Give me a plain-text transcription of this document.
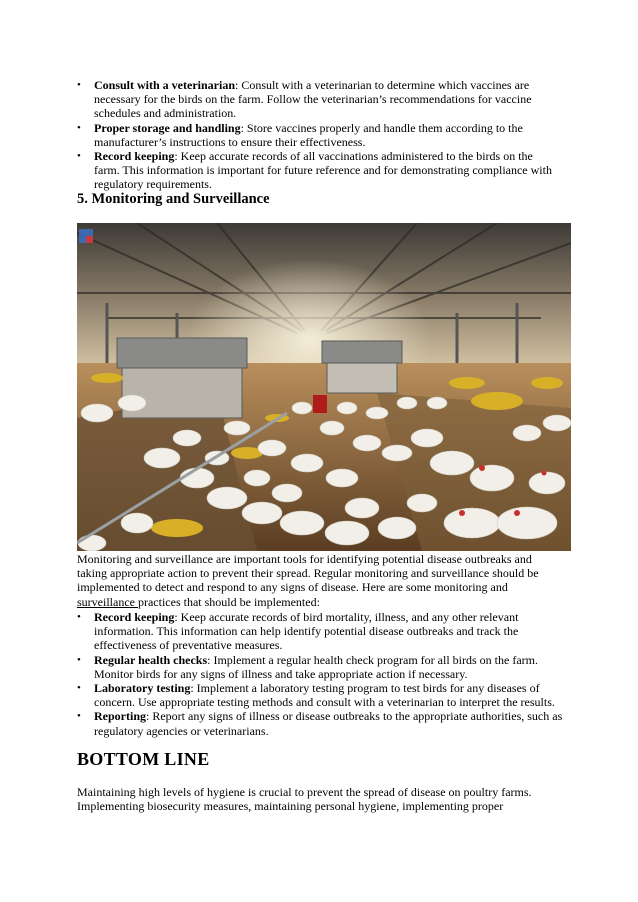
• Consult with a veterinarian: Consult with a veterinarian to determine which vaccines are necessary for the birds on the farm. Follow the veterinarian’s recommendations for vaccine schedules and administration.
• Proper storage and handling: Store vaccines properly and handle them according to the manufacturer’s instructions to ensure their effectiveness.
• Record keeping: Keep accurate records of all vaccinations administered to the birds on the farm. This information is important for future reference and for demonstrating compliance with regulatory requirements.
5. Monitoring and Surveillance
Monitoring and surveillance are important tools for identifying potential disease outbreaks and taking appropriate action to prevent their spread. Regular monitoring and surveillance should be implemented to detect and respond to any signs of disease. Here are some monitoring and surveillance practices that should be implemented:
• Record keeping: Keep accurate records of bird mortality, illness, and any other relevant information. This information can help identify potential disease outbreaks and track the effectiveness of preventative measures.
• Regular health checks: Implement a regular health check program for all birds on the farm. Monitor birds for any signs of illness and take appropriate action if necessary.
• Laboratory testing: Implement a laboratory testing program to test birds for any diseases of concern. Use appropriate testing methods and consult with a veterinarian to interpret the results.
• Reporting: Report any signs of illness or disease outbreaks to the appropriate authorities, such as regulatory agencies or veterinarians.
BOTTOM LINE
Maintaining high levels of hygiene is crucial to prevent the spread of disease on poultry farms. Implementing biosecurity measures, maintaining personal hygiene, implementing proper
